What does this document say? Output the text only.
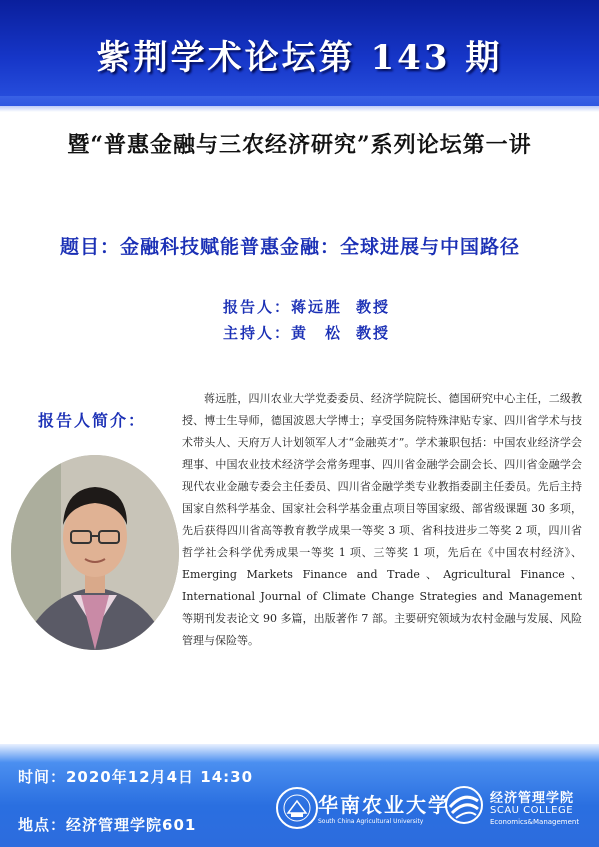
紫荆学术论坛第 143 期
暨“普惠金融与三农经济研究”系列论坛第一讲
题目：金融科技赋能普惠金融：全球进展与中国路径
报告人：蒋远胜 教授
主持人：黄　松 教授
报告人简介：

蒋远胜，四川农业大学党委委员、经济学院院长、德国研究中心主任，二级教授、博士生导师，德国波恩大学博士；享受国务院特殊津贴专家、四川省学术与技术带头人、天府万人计划领军人才“金融英才”。学术兼职包括：中国农业经济学会理事、中国农业技术经济学会常务理事、四川省金融学会副会长、四川省金融学会现代农业金融专委会主任委员、四川省金融学类专业教指委副主任委员。先后主持国家自然科学基金、国家社会科学基金重点项目等国家级、部省级课题 30 多项，先后获得四川省高等教育教学成果一等奖 3 项、省科技进步二等奖 2 项，四川省哲学社会科学优秀成果一等奖 1 项、三等奖 1 项，先后在《中国农村经济》、Emerging Markets Finance and Trade、Agricultural Finance、International Journal of Climate Change Strategies and Management 等期刊发表论文 90 多篇，出版著作 7 部。主要研究领域为农村金融与发展、风险管理与保险等。

时间：2020年12月4日 14:30
地点：经济管理学院601
华南农业大学
South China Agricultural University
经济管理学院
SCAU COLLEGE
Economics&Management
